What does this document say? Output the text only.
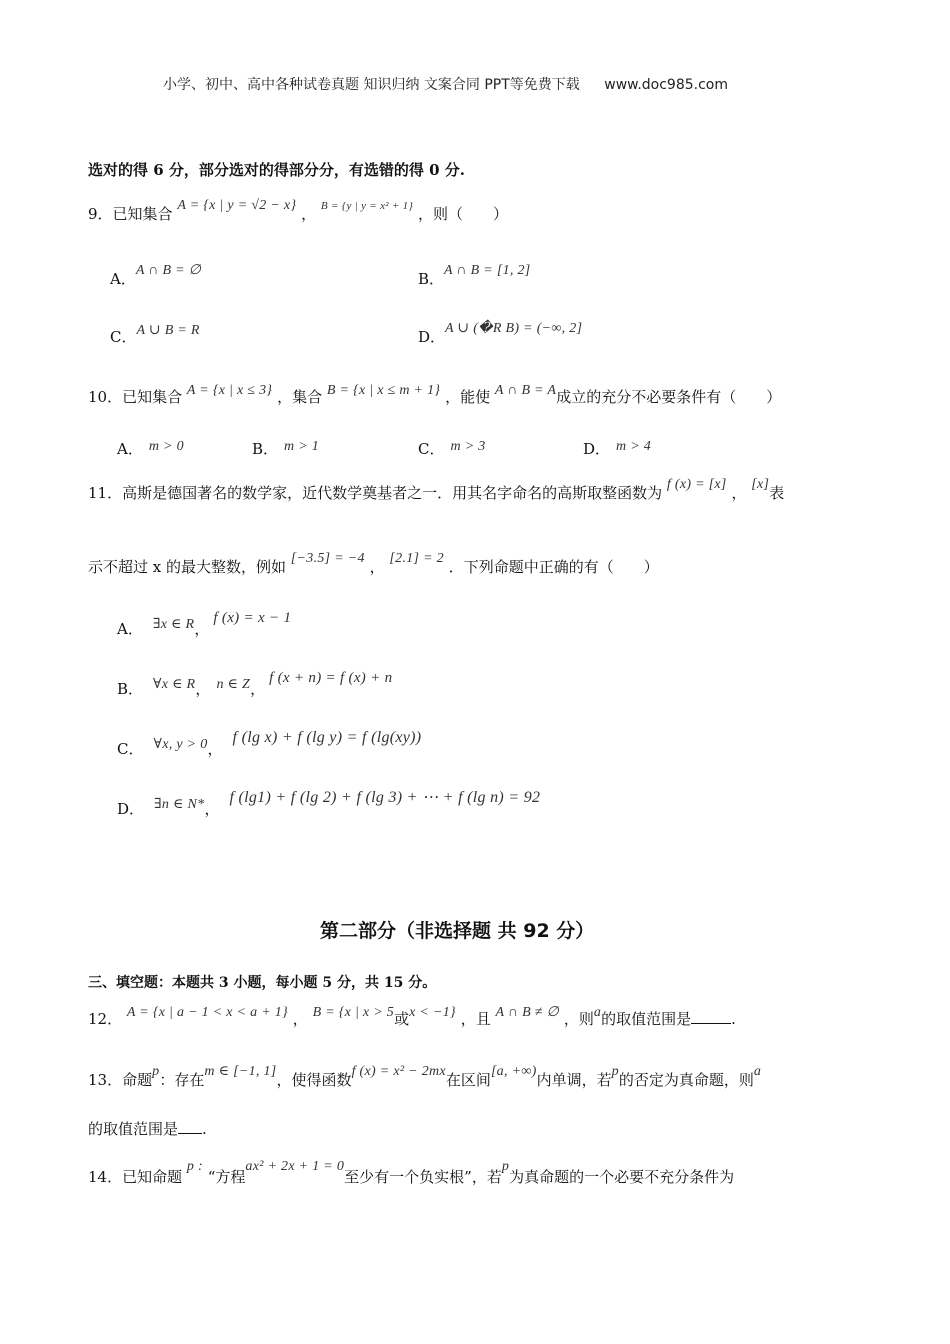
小学、初中、高中各种试卷真题 知识归纳 文案合同 PPT等免费下载 www.doc985.com
选对的得 6 分，部分选对的得部分分，有选错的得 0 分.
9．已知集合 A = {x | y = √2 − x} ， $^{B = \{y | y = x^2 + 1\}}$ ，则（　　）
A．A ∩ B = ∅	B．A ∩ B = [1, 2]
C．A ∪ B = R	D．A ∪ (�R B) = (−∞, 2]
10．已知集合 A = {x | x ≤ 3} ，集合 B = {x | x ≤ m + 1} ，能使 A ∩ B = A成立的充分不必要条件有（　　）
A． m > 0	B． m > 1	C． m > 3	D． m > 4
11．高斯是德国著名的数学家，近代数学奠基者之一．用其名字命名的高斯取整函数为 f (x) = [x] ， [x]表
示不超过 x 的最大整数，例如 [−3.5] = −4 ， [2.1] = 2 ．下列命题中正确的有（　　）
A． ∃x ∈ R，f (x) = x − 1
B． ∀x ∈ R， n ∈ Z，f (x + n) = f (x) + n
C． ∀x, y > 0，f (lg x) + f (lg y) = f (lg(xy))
D． ∃n ∈ N*，f (lg1) + f (lg 2) + f (lg 3) + ⋯ + f (lg n) = 92
第二部分（非选择题 共 92 分）
三、填空题：本题共 3 小题，每小题 5 分，共 15 分。
12． A = {x | a − 1 < x < a + 1} ， B = {x | x > 5或x < −1} ，且 A ∩ B ≠ ∅ ，则a的取值范围是	.
13．命题p：存在m ∈ [−1, 1]，使得函数f (x) = x² − 2mx在区间[a, +∞)内单调，若p的否定为真命题，则a
的取值范围是 .
14．已知命题 p : “方程ax² + 2x + 1 = 0至少有一个负实根”，若p为真命题的一个必要不充分条件为
